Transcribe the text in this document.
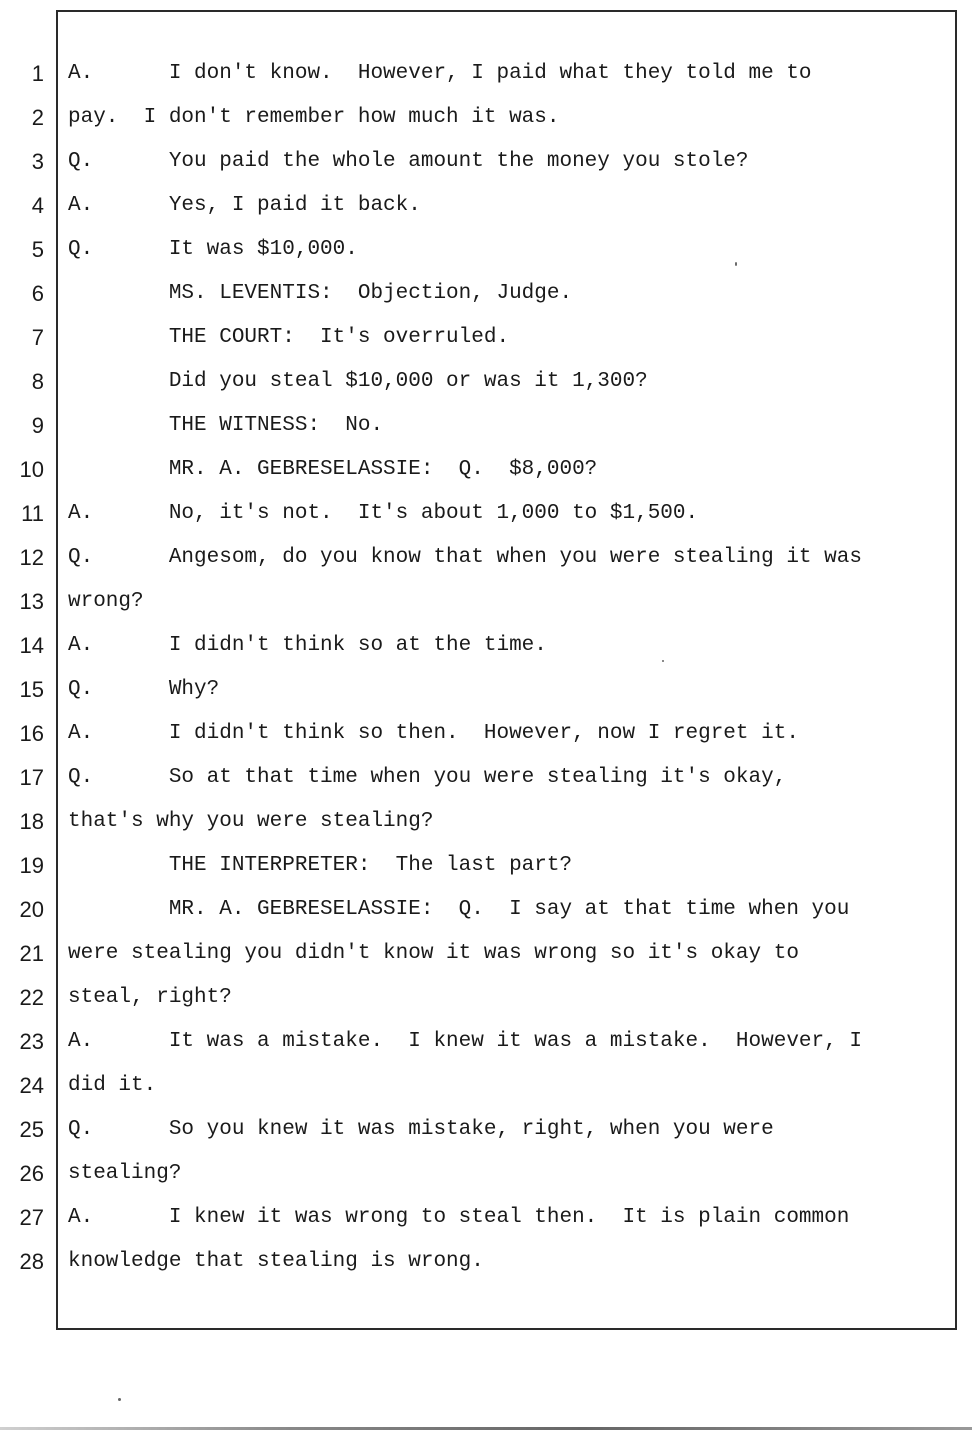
1
2
3
4
5
6
7
8
9
10
11
12
13
14
15
16
17
18
19
20
21
22
23
24
25
26
27
28
A.      I don't know.  However, I paid what they told me to
pay.  I don't remember how much it was.
Q.      You paid the whole amount the money you stole?
A.      Yes, I paid it back.
Q.      It was $10,000.
MS. LEVENTIS:  Objection, Judge.
THE COURT:  It's overruled.
Did you steal $10,000 or was it 1,300?
THE WITNESS:  No.
MR. A. GEBRESELASSIE:  Q.  $8,000?
A.      No, it's not.  It's about 1,000 to $1,500.
Q.      Angesom, do you know that when you were stealing it was
wrong?
A.      I didn't think so at the time.
Q.      Why?
A.      I didn't think so then.  However, now I regret it.
Q.      So at that time when you were stealing it's okay,
that's why you were stealing?
THE INTERPRETER:  The last part?
MR. A. GEBRESELASSIE:  Q.  I say at that time when you
were stealing you didn't know it was wrong so it's okay to
steal, right?
A.      It was a mistake.  I knew it was a mistake.  However, I
did it.
Q.      So you knew it was mistake, right, when you were
stealing?
A.      I knew it was wrong to steal then.  It is plain common
knowledge that stealing is wrong.
